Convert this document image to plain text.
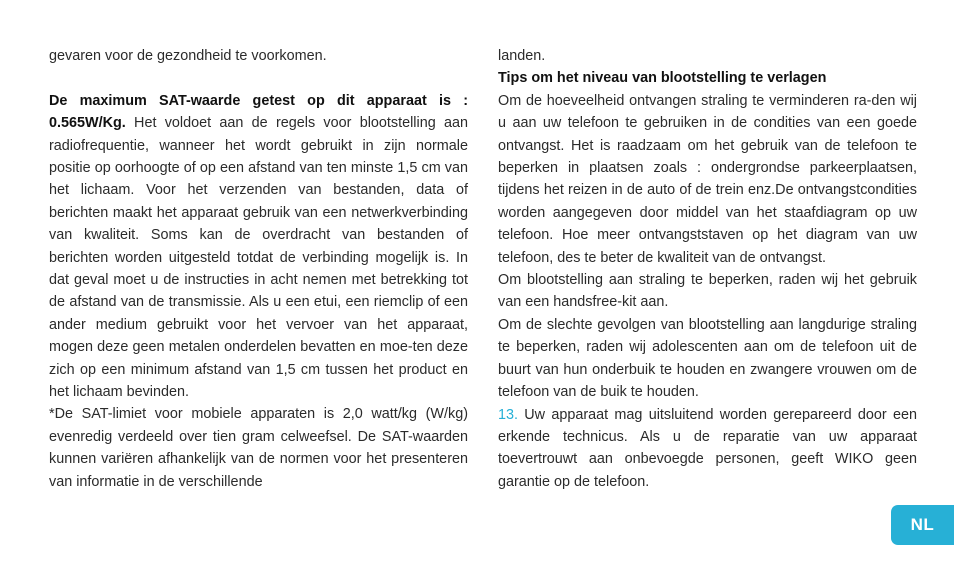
gevaren voor de gezondheid te voorkomen.

De maximum SAT-waarde getest op dit apparaat is : 0.565W/Kg. Het voldoet aan de regels voor blootstelling aan radiofrequentie, wanneer het wordt gebruikt in zijn normale positie op oorhoogte of op een afstand van ten minste 1,5 cm van het lichaam. Voor het verzenden van bestanden, data of berichten maakt het apparaat gebruik van een netwerkverbinding van kwaliteit. Soms kan de overdracht van bestanden of berichten worden uitgesteld totdat de verbinding mogelijk is. In dat geval moet u de instructies in acht nemen met betrekking tot de afstand van de transmissie. Als u een etui, een riemclip of een ander medium gebruikt voor het vervoer van het apparaat, mogen deze geen metalen onderdelen bevatten en moe-ten deze zich op een minimum afstand van 1,5 cm tussen het product en het lichaam bevinden.

*De SAT-limiet voor mobiele apparaten is 2,0 watt/kg (W/kg) evenredig verdeeld over tien gram celweefsel. De SAT-waarden kunnen variëren afhankelijk van de normen voor het presenteren van informatie in de verschillende

landen.

Tips om het niveau van blootstelling te verlagen

Om de hoeveelheid ontvangen straling te verminderen ra-den wij u aan uw telefoon te gebruiken in de condities van een goede ontvangst. Het is raadzaam om het gebruik van de telefoon te beperken in plaatsen zoals : ondergrondse parkeerplaatsen, tijdens het reizen in de auto of de trein enz.De ontvangstcondities worden aangegeven door middel van het staafdiagram op uw telefoon. Hoe meer ontvangststaven op het diagram van uw telefoon, des te beter de kwaliteit van de ontvangst.

Om blootstelling aan straling te beperken, raden wij het gebruik van een handsfree-kit aan.

Om de slechte gevolgen van blootstelling aan langdurige straling te beperken, raden wij adolescenten aan om de telefoon uit de buurt van hun onderbuik te houden en zwangere vrouwen om de telefoon van de buik te houden.

13. Uw apparaat mag uitsluitend worden gerepareerd door een erkende technicus. Als u de reparatie van uw apparaat toevertrouwt aan onbevoegde personen, geeft WIKO geen garantie op de telefoon.

NL
